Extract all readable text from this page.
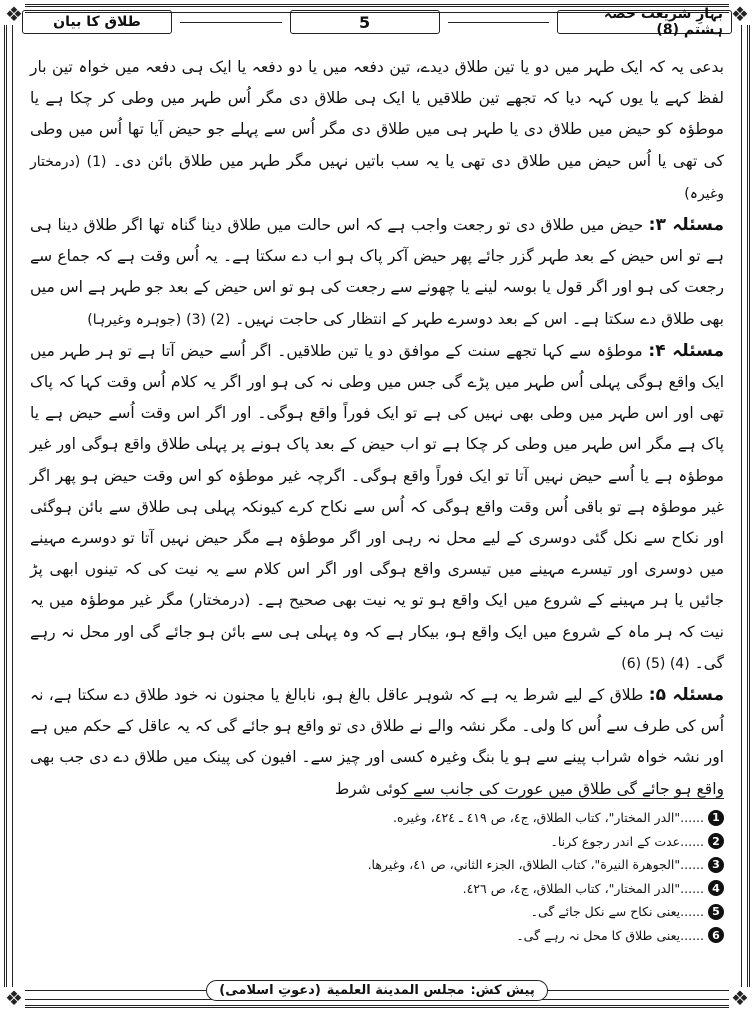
❖	❖
❖	❖
بہارِ شریعت حصہ ہشتم (8)
5
طلاق کا بیان

بدعی یہ کہ ایک طہر میں دو یا تین طلاق دیدے، تین دفعہ میں یا دو دفعہ یا ایک ہی دفعہ میں خواہ تین بار لفظ کہے یا یوں کہہ دیا کہ تجھے تین طلاقیں یا ایک ہی طلاق دی مگر اُس طہر میں وطی کر چکا ہے یا موطؤہ کو حیض میں طلاق دی یا طہر ہی میں طلاق دی مگر اُس سے پہلے جو حیض آیا تھا اُس میں وطی کی تھی یا اُس حیض میں طلاق دی تھی یا یہ سب باتیں نہیں مگر طہر میں طلاق بائن دی۔ (1) (درمختار وغیرہ)

مسئلہ ۳: حیض میں طلاق دی تو رجعت واجب ہے کہ اس حالت میں طلاق دینا گناہ تھا اگر طلاق دینا ہی ہے تو اس حیض کے بعد طہر گزر جائے پھر حیض آکر پاک ہو اب دے سکتا ہے۔ یہ اُس وقت ہے کہ جماع سے رجعت کی ہو اور اگر قول یا بوسہ لینے یا چھونے سے رجعت کی ہو تو اس حیض کے بعد جو طہر ہے اس میں بھی طلاق دے سکتا ہے۔ اس کے بعد دوسرے طہر کے انتظار کی حاجت نہیں۔ (2) (3) (جوہرہ وغیرہا)

مسئلہ ۴: موطؤہ سے کہا تجھے سنت کے موافق دو یا تین طلاقیں۔ اگر اُسے حیض آتا ہے تو ہر طہر میں ایک واقع ہوگی پہلی اُس طہر میں پڑے گی جس میں وطی نہ کی ہو اور اگر یہ کلام اُس وقت کہا کہ پاک تھی اور اس طہر میں وطی بھی نہیں کی ہے تو ایک فوراً واقع ہوگی۔ اور اگر اس وقت اُسے حیض ہے یا پاک ہے مگر اس طہر میں وطی کر چکا ہے تو اب حیض کے بعد پاک ہونے پر پہلی طلاق واقع ہوگی اور غیر موطؤہ ہے یا اُسے حیض نہیں آتا تو ایک فوراً واقع ہوگی۔ اگرچہ غیر موطؤہ کو اس وقت حیض ہو پھر اگر غیر موطؤہ ہے تو باقی اُس وقت واقع ہوگی کہ اُس سے نکاح کرے کیونکہ پہلی ہی طلاق سے بائن ہوگئی اور نکاح سے نکل گئی دوسری کے لیے محل نہ رہی اور اگر موطؤہ ہے مگر حیض نہیں آتا تو دوسرے مہینے میں دوسری اور تیسرے مہینے میں تیسری واقع ہوگی اور اگر اس کلام سے یہ نیت کی کہ تینوں ابھی پڑ جائیں یا ہر مہینے کے شروع میں ایک واقع ہو تو یہ نیت بھی صحیح ہے۔ (درمختار) مگر غیر موطؤہ میں یہ نیت کہ ہر ماہ کے شروع میں ایک واقع ہو، بیکار ہے کہ وہ پہلی ہی سے بائن ہو جائے گی اور محل نہ رہے گی۔ (4) (5) (6)

مسئلہ ۵: طلاق کے لیے شرط یہ ہے کہ شوہر عاقل بالغ ہو، نابالغ یا مجنون نہ خود طلاق دے سکتا ہے، نہ اُس کی طرف سے اُس کا ولی۔ مگر نشہ والے نے طلاق دی تو واقع ہو جائے گی کہ یہ عاقل کے حکم میں ہے اور نشہ خواہ شراب پینے سے ہو یا بنگ وغیرہ کسی اور چیز سے۔ افیون کی پینک میں طلاق دے دی جب بھی واقع ہو جائے گی طلاق میں عورت کی جانب سے کوئی شرط

1
......"الدر المختار"، كتاب الطلاق، ج٤، ص ٤١٩ ـ ٤٢٤، وغيره.
2
......عدت کے اندر رجوع کرنا۔
3
......"الجوهرة النيرة"، كتاب الطلاق، الجزء الثاني، ص ٤١، وغيرها.
4
......"الدر المختار"، كتاب الطلاق، ج٤، ص ٤٢٦.
5
......یعنی نکاح سے نکل جائے گی۔
6
......یعنی طلاق کا محل نہ رہے گی۔
پیش کش:
مجلس المدينة العلمية
(دعوتِ اسلامی)
